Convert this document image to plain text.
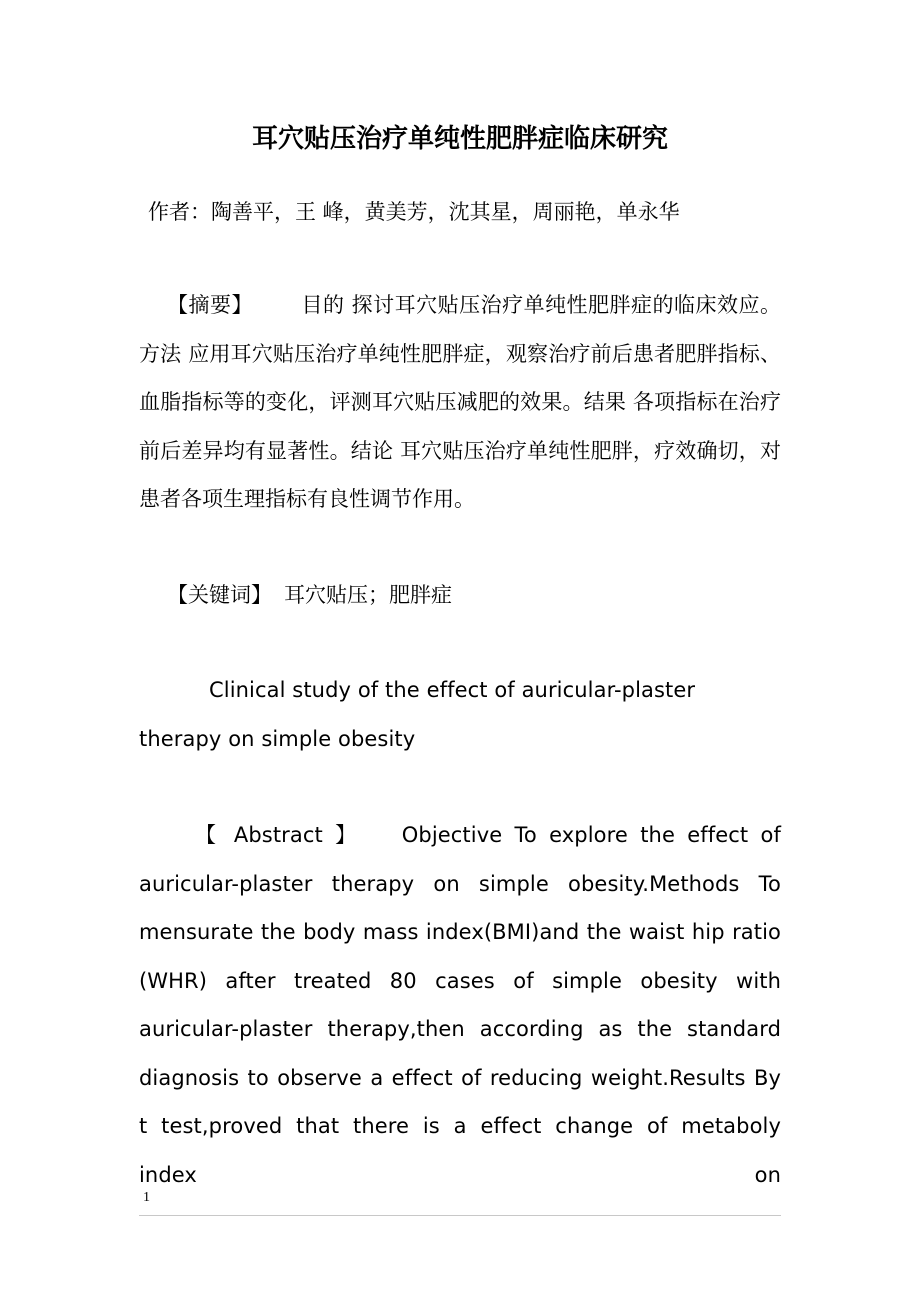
耳穴贴压治疗单纯性肥胖症临床研究
作者：陶善平，王 峰，黄美芳，沈其星，周丽艳，单永华
【摘要】 目的 探讨耳穴贴压治疗单纯性肥胖症的临床效应。方法 应用耳穴贴压治疗单纯性肥胖症，观察治疗前后患者肥胖指标、血脂指标等的变化，评测耳穴贴压减肥的效果。结果 各项指标在治疗前后差异均有显著性。结论 耳穴贴压治疗单纯性肥胖，疗效确切，对患者各项生理指标有良性调节作用。
【关键词】 耳穴贴压；肥胖症
Clinical study of the effect of auricular-plaster therapy on simple obesity
【 Abstract 】 Objective To explore the effect of auricular-plaster therapy on simple obesity.Methods To mensurate the body mass index(BMI)and the waist hip ratio (WHR) after treated 80 cases of simple obesity with auricular-plaster therapy,then according as the standard diagnosis to observe a effect of reducing weight.Results By t test,proved that there is a effect change of metaboly index on
1
